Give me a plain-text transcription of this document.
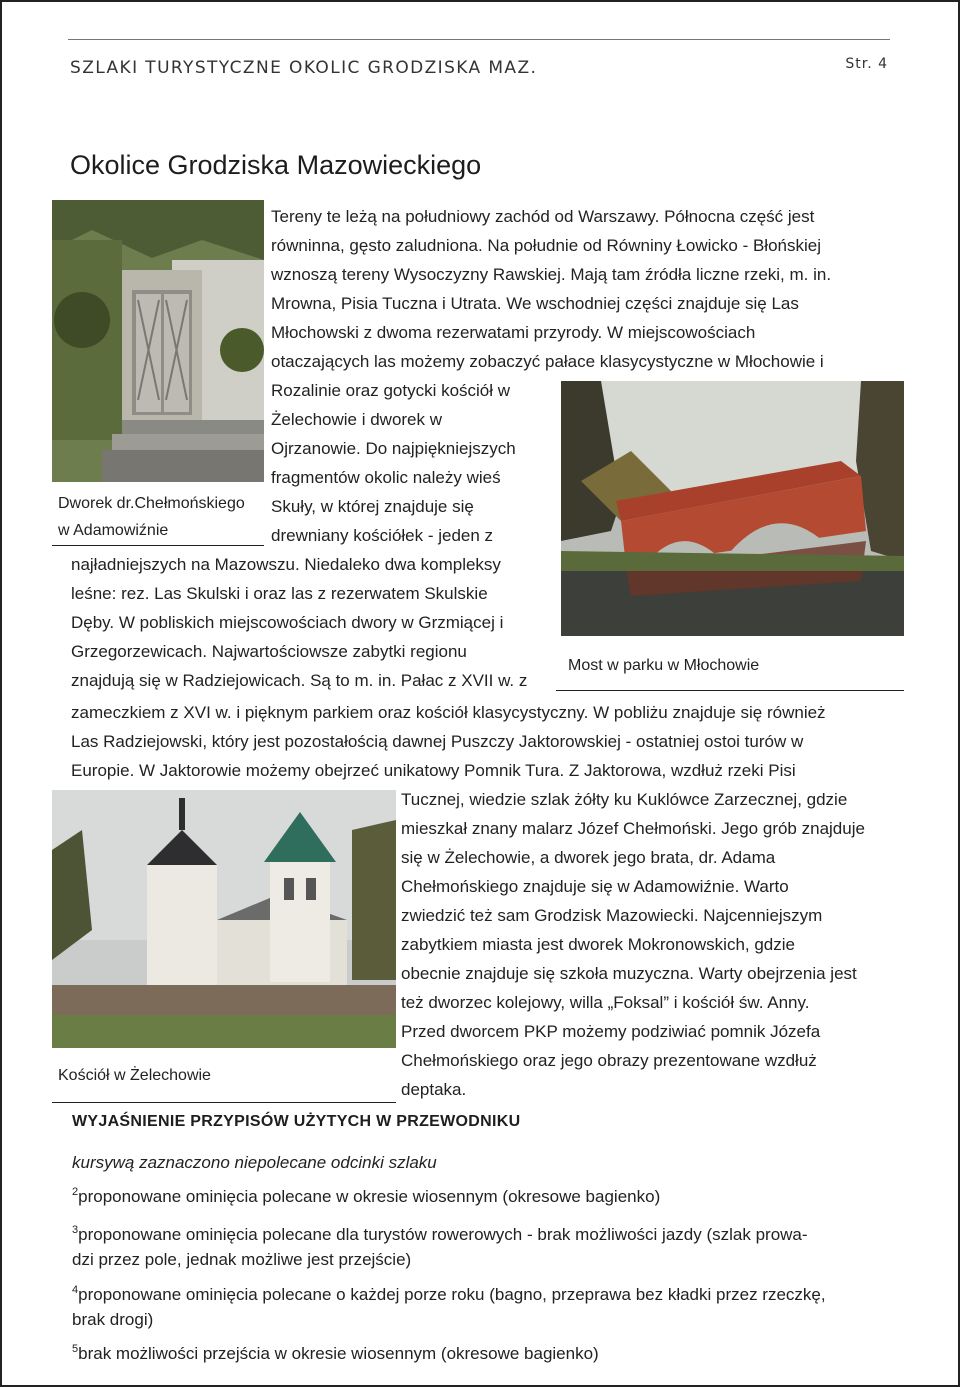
SZLAKI TURYSTYCZNE OKOLIC GRODZISKA MAZ.	Str. 4
Okolice Grodziska Mazowieckiego
Dworek dr.Chełmońskiego
w Adamowiźnie
Tereny te leżą na południowy zachód od Warszawy. Północna część jest
równinna, gęsto zaludniona. Na południe od Równiny Łowicko - Błońskiej
wznoszą tereny Wysoczyzny Rawskiej. Mają tam źródła liczne rzeki, m. in.
Mrowna, Pisia Tuczna i Utrata. We wschodniej części znajduje się Las
Młochowski z dwoma rezerwatami przyrody. W miejscowościach
otaczających las możemy zobaczyć pałace klasycystyczne w Młochowie i
Rozalinie oraz gotycki kościół w
Żelechowie i dworek w
Ojrzanowie. Do najpiękniejszych
fragmentów okolic należy wieś
Skuły, w której znajduje się
drewniany kościółek - jeden z
Most w parku w Młochowie
najładniejszych na Mazowszu. Niedaleko dwa kompleksy
leśne: rez. Las Skulski i oraz las z rezerwatem Skulskie
Dęby. W pobliskich miejscowościach dwory w Grzmiącej i
Grzegorzewicach. Najwartościowsze zabytki regionu
znajdują się w Radziejowicach. Są to m. in. Pałac z XVII w. z
zameczkiem z XVI w. i pięknym parkiem oraz kościół klasycystyczny. W pobliżu znajduje się również
Las Radziejowski, który jest pozostałością dawnej Puszczy Jaktorowskiej - ostatniej ostoi turów w
Europie. W Jaktorowie możemy obejrzeć unikatowy Pomnik Tura. Z Jaktorowa, wzdłuż rzeki Pisi
Tucznej, wiedzie szlak żółty ku Kuklówce Zarzecznej, gdzie
mieszkał znany malarz Józef Chełmoński. Jego grób znajduje
się w Żelechowie, a dworek jego brata, dr. Adama
Chełmońskiego znajduje się w Adamowiźnie. Warto
zwiedzić też sam Grodzisk Mazowiecki. Najcenniejszym
zabytkiem miasta jest dworek Mokronowskich, gdzie
obecnie znajduje się szkoła muzyczna. Warty obejrzenia jest
też dworzec kolejowy, willa „Foksal” i kościół św. Anny.
Przed dworcem PKP możemy podziwiać pomnik Józefa
Chełmońskiego oraz jego obrazy prezentowane wzdłuż
deptaka.
Kościół w Żelechowie
WYJAŚNIENIE PRZYPISÓW UŻYTYCH W PRZEWODNIKU
kursywą zaznaczono niepolecane odcinki szlaku
$^2$proponowane ominięcia polecane w okresie wiosennym (okresowe bagienko)
$^3$proponowane ominięcia polecane dla turystów rowerowych - brak możliwości jazdy (szlak prowa-
dzi przez pole, jednak możliwe jest przejście)
$^4$proponowane ominięcia polecane o każdej porze roku (bagno, przeprawa bez kładki przez rzeczkę,
brak drogi)
$^5$brak możliwości przejścia w okresie wiosennym (okresowe bagienko)
